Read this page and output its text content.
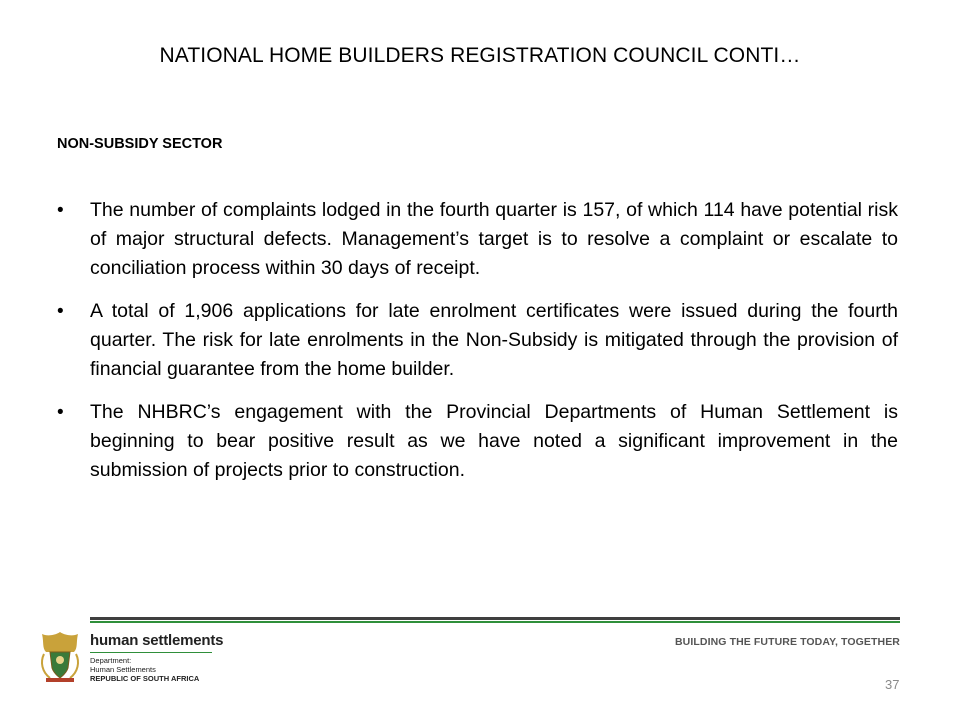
NATIONAL HOME BUILDERS REGISTRATION COUNCIL CONTI…
NON-SUBSIDY SECTOR
• The number of complaints lodged in the fourth quarter is 157, of which 114 have potential risk of major structural defects. Management’s target is to resolve a complaint or escalate to conciliation process within 30 days of receipt.
• A total of 1,906 applications for late enrolment certificates were issued during the fourth quarter. The risk for late enrolments in the Non-Subsidy is mitigated through the provision of financial guarantee from the home builder.
• The NHBRC’s engagement with the Provincial Departments of Human Settlement is beginning to bear positive result as we have noted a significant improvement in the submission of projects prior to construction.
human settlements
Department:
Human Settlements
REPUBLIC OF SOUTH AFRICA
BUILDING THE FUTURE TODAY, TOGETHER
37
